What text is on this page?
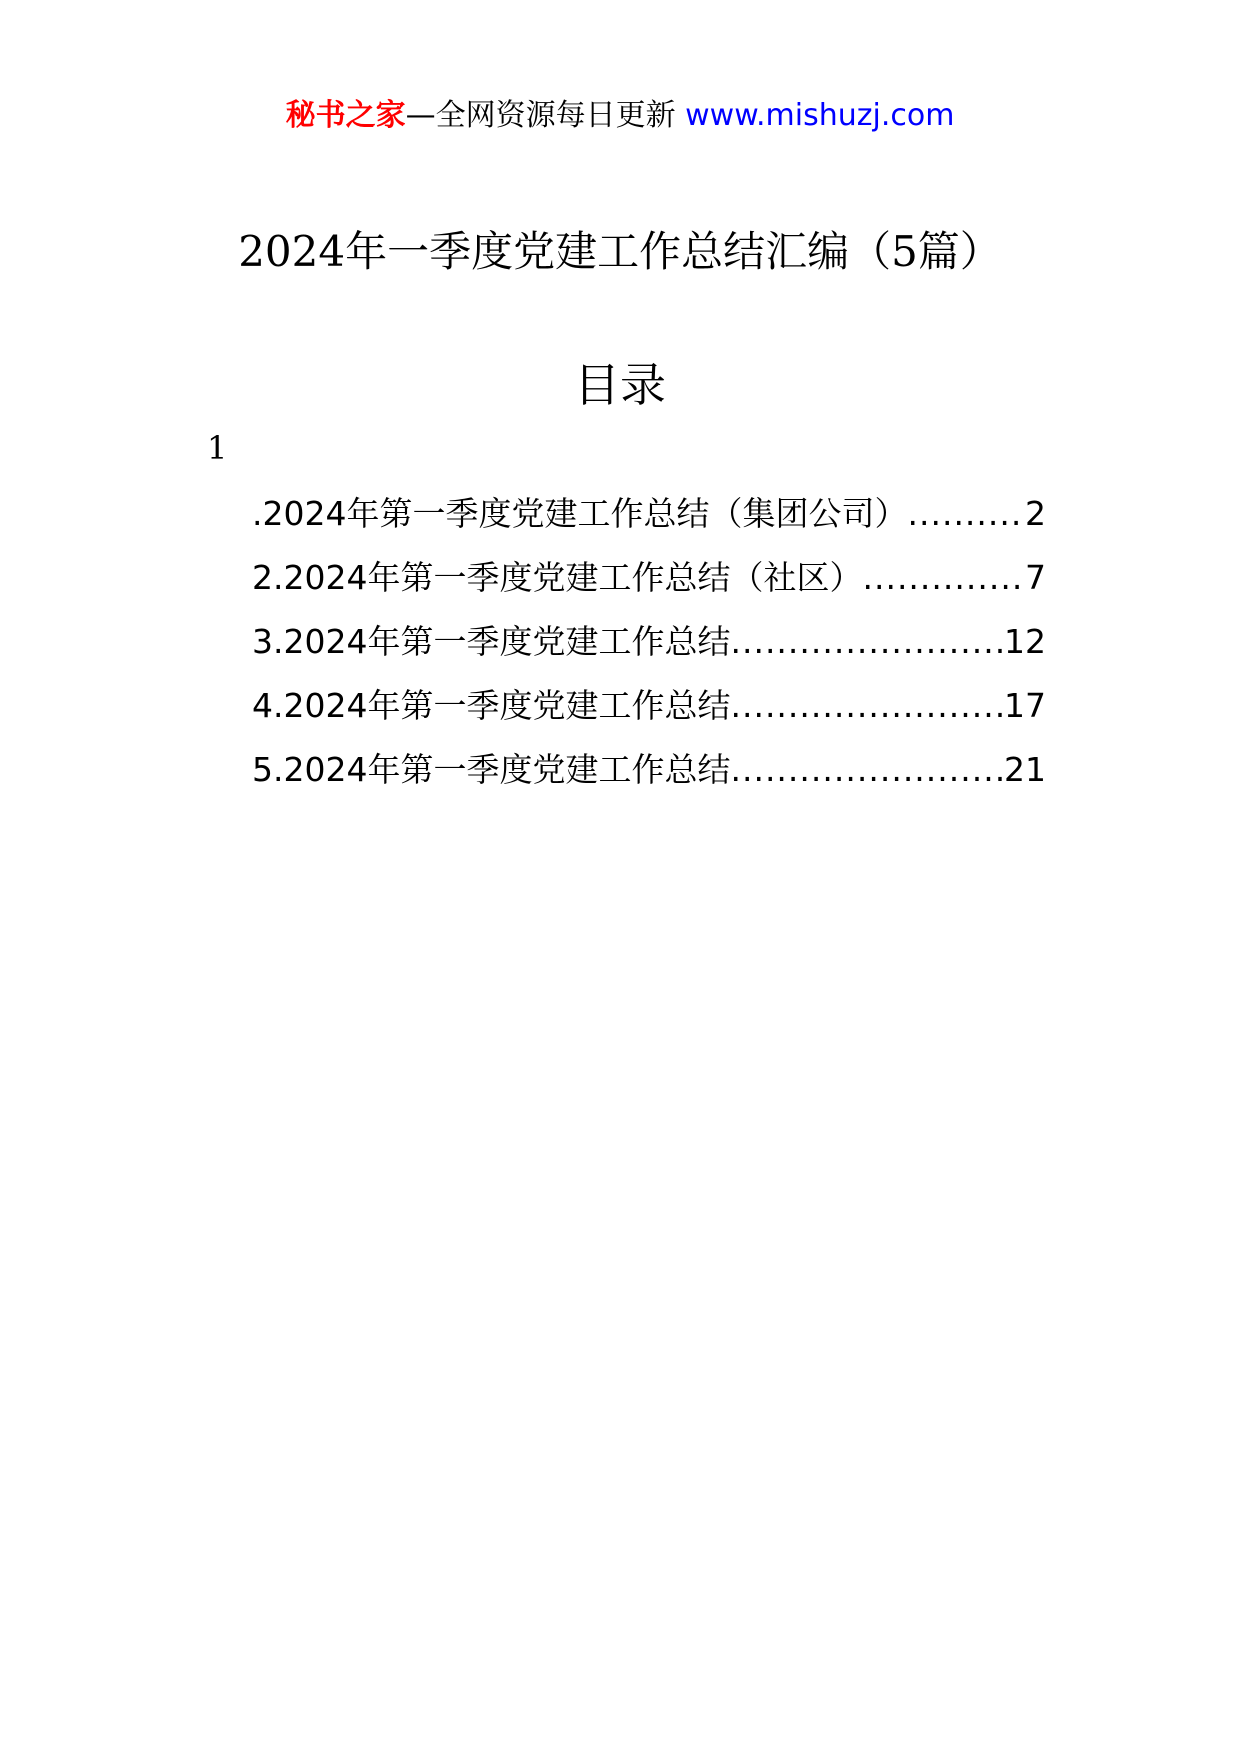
秘书之家—全网资源每日更新 www.mishuzj.com
2024年一季度党建工作总结汇编（5篇）
目录
1
.2024年第一季度党建工作总结（集团公司） .....	2
2.2024年第一季度党建工作总结（社区） .....	7
3.2024年第一季度党建工作总结 .....	12
4.2024年第一季度党建工作总结 .....	17
5.2024年第一季度党建工作总结 .....	21
